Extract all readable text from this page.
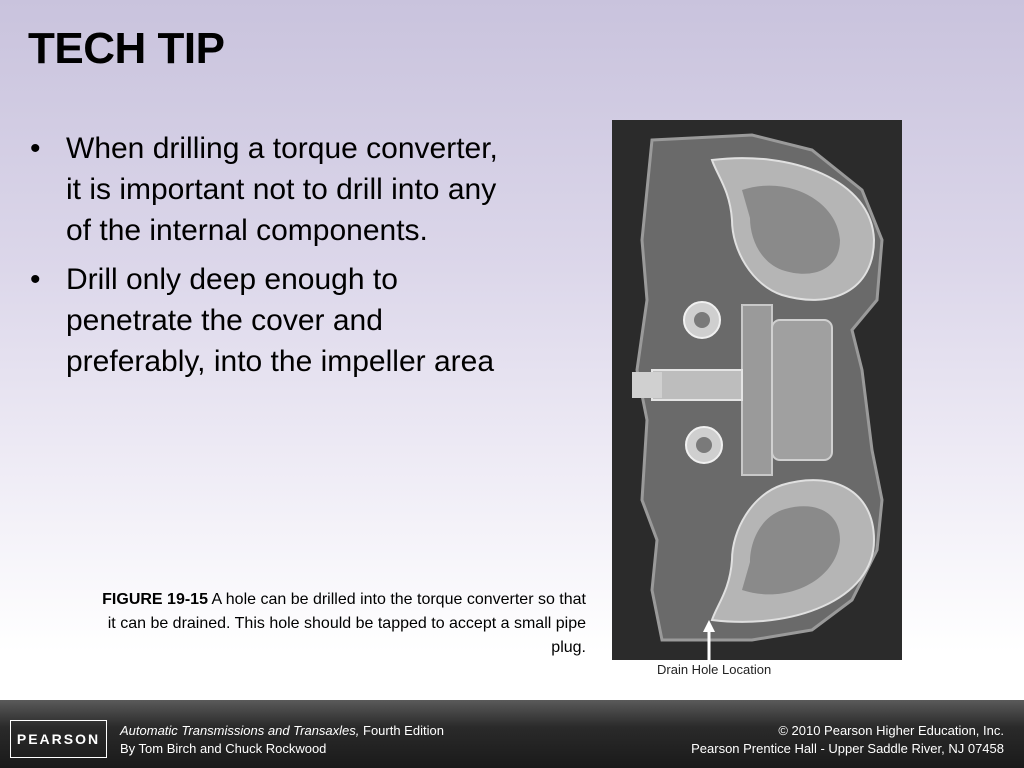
TECH TIP
• When drilling a torque converter, it is important not to drill into any of the internal components.
• Drill only deep enough to penetrate the cover and preferably, into the impeller area
FIGURE 19-15 A hole can be drilled into the torque converter so that it can be drained. This hole should be tapped to accept a small pipe plug.
Drain Hole Location
PEARSON
Automatic Transmissions and Transaxles, Fourth Edition
By Tom Birch and Chuck Rockwood
© 2010 Pearson Higher Education, Inc.
Pearson Prentice Hall - Upper Saddle River, NJ 07458
